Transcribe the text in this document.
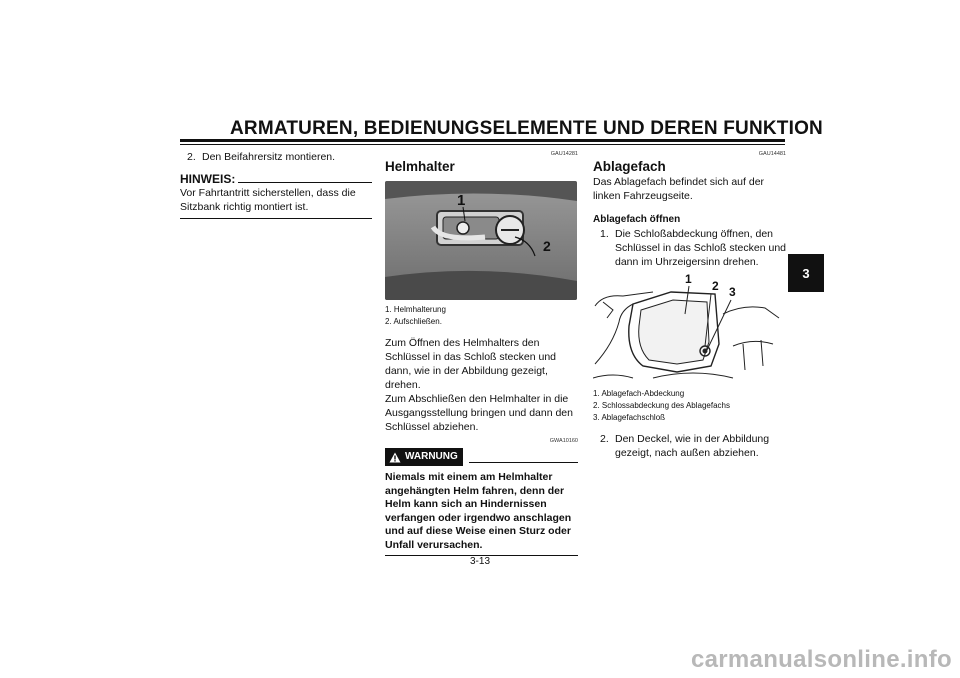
ARMATUREN, BEDIENUNGSELEMENTE UND DEREN FUNKTION
3
2. Den Beifahrersitz montieren.
HINWEIS:
Vor Fahrtantritt sicherstellen, dass die Sitzbank richtig montiert ist.
GAU14281
Helmhalter
1
2
1. Helmhalterung
2. Aufschließen.
Zum Öffnen des Helmhalters den Schlüssel in das Schloß stecken und dann, wie in der Abbildung gezeigt, drehen.
Zum Abschließen den Helmhalter in die Ausgangsstellung bringen und dann den Schlüssel abziehen.
GWA10160
WARNUNG
Niemals mit einem am Helmhalter angehängten Helm fahren, denn der Helm kann sich an Hindernissen verfangen oder irgendwo anschlagen und auf diese Weise einen Sturz oder Unfall verursachen.
GAU14481
Ablagefach
Das Ablagefach befindet sich auf der linken Fahrzeugseite.
Ablagefach öffnen
1. Die Schloßabdeckung öffnen, den Schlüssel in das Schloß stecken und dann im Uhrzeigersinn drehen.
1 2 3
1. Ablagefach-Abdeckung
2. Schlossabdeckung des Ablagefachs
3. Ablagefachschloß
2. Den Deckel, wie in der Abbildung gezeigt, nach außen abziehen.
3-13
carmanualsonline.info
